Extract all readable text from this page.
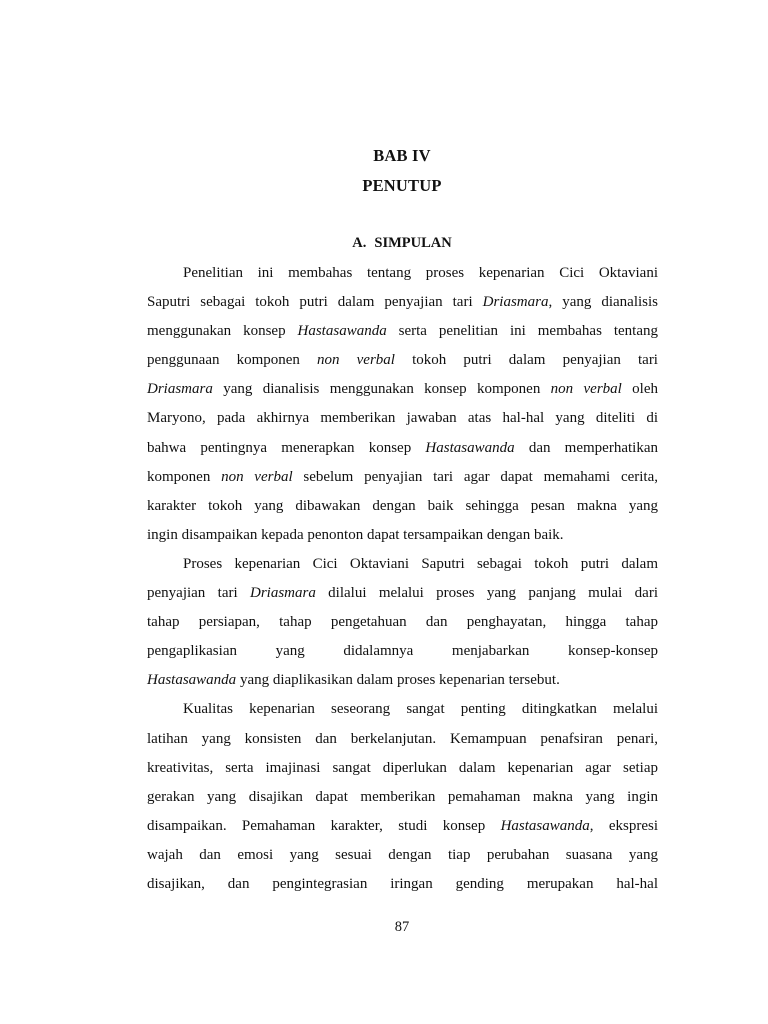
BAB IV
PENUTUP
A. SIMPULAN
Penelitian ini membahas tentang proses kepenarian Cici Oktaviani
Saputri sebagai tokoh putri dalam penyajian tari Driasmara, yang dianalisis
menggunakan konsep Hastasawanda serta penelitian ini membahas tentang
penggunaan komponen non verbal tokoh putri dalam penyajian tari
Driasmara yang dianalisis menggunakan konsep komponen non verbal oleh
Maryono, pada akhirnya memberikan jawaban atas hal-hal yang diteliti di
bahwa pentingnya menerapkan konsep Hastasawanda dan memperhatikan
komponen non verbal sebelum penyajian tari agar dapat memahami cerita,
karakter tokoh yang dibawakan dengan baik sehingga pesan makna yang
ingin disampaikan kepada penonton dapat tersampaikan dengan baik.
Proses kepenarian Cici Oktaviani Saputri sebagai tokoh putri dalam
penyajian tari Driasmara dilalui melalui proses yang panjang mulai dari
tahap persiapan, tahap pengetahuan dan penghayatan, hingga tahap
pengaplikasian yang didalamnya menjabarkan konsep-konsep
Hastasawanda yang diaplikasikan dalam proses kepenarian tersebut.
Kualitas kepenarian seseorang sangat penting ditingkatkan melalui
latihan yang konsisten dan berkelanjutan. Kemampuan penafsiran penari,
kreativitas, serta imajinasi sangat diperlukan dalam kepenarian agar setiap
gerakan yang disajikan dapat memberikan pemahaman makna yang ingin
disampaikan. Pemahaman karakter, studi konsep Hastasawanda, ekspresi
wajah dan emosi yang sesuai dengan tiap perubahan suasana yang
disajikan, dan pengintegrasian iringan gending merupakan hal-hal
87
